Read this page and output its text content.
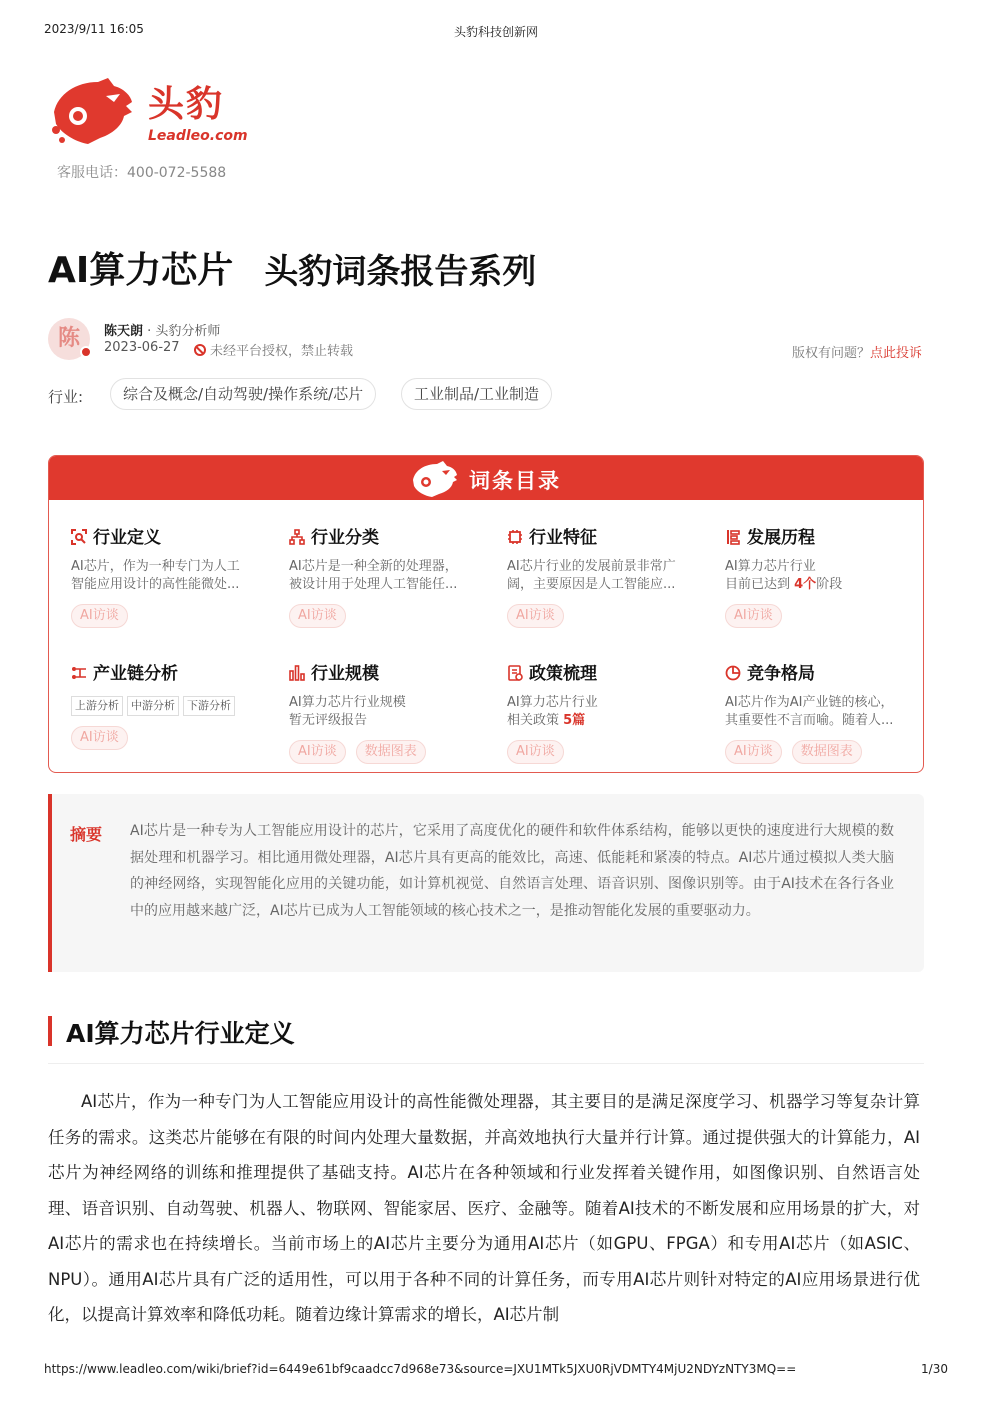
2023/9/11 16:05	头豹科技创新网
头豹
Leadleo.com
客服电话：400-072-5588
AI算力芯片 头豹词条报告系列
陈	陈天朗 · 头豹分析师
2023-06-27	未经平台授权，禁止转载	版权有问题？点此投诉
行业:	综合及概念/自动驾驶/操作系统/芯片	工业制品/工业制造
词条目录
行业定义
AI芯片，作为一种专门为人工
智能应用设计的高性能微处...
AI访谈
行业分类
AI芯片是一种全新的处理器，
被设计用于处理人工智能任...
AI访谈
行业特征
AI芯片行业的发展前景非常广
阔，主要原因是人工智能应...
AI访谈
发展历程
AI算力芯片行业
目前已达到 4个阶段
AI访谈
产业链分析
上游分析 中游分析 下游分析
AI访谈
行业规模
AI算力芯片行业规模
暂无评级报告
AI访谈 数据图表
政策梳理
AI算力芯片行业
相关政策 5篇
AI访谈
竞争格局
AI芯片作为AI产业链的核心，
其重要性不言而喻。随着人...
AI访谈 数据图表
摘要 AI芯片是一种专为人工智能应用设计的芯片，它采用了高度优化的硬件和软件体系结构，能够以更快的速度进行大规模的数据处理和机器学习。相比通用微处理器，AI芯片具有更高的能效比，高速、低能耗和紧凑的特点。AI芯片通过模拟人类大脑的神经网络，实现智能化应用的关键功能，如计算机视觉、自然语言处理、语音识别、图像识别等。由于AI技术在各行各业中的应用越来越广泛，AI芯片已成为人工智能领域的核心技术之一，是推动智能化发展的重要驱动力。
AI算力芯片行业定义
AI芯片，作为一种专门为人工智能应用设计的高性能微处理器，其主要目的是满足深度学习、机器学习等复杂计算任务的需求。这类芯片能够在有限的时间内处理大量数据，并高效地执行大量并行计算。通过提供强大的计算能力，AI芯片为神经网络的训练和推理提供了基础支持。AI芯片在各种领域和行业发挥着关键作用，如图像识别、自然语言处理、语音识别、自动驾驶、机器人、物联网、智能家居、医疗、金融等。随着AI技术的不断发展和应用场景的扩大，对AI芯片的需求也在持续增长。当前市场上的AI芯片主要分为通用AI芯片（如GPU、FPGA）和专用AI芯片（如ASIC、NPU）。通用AI芯片具有广泛的适用性，可以用于各种不同的计算任务，而专用AI芯片则针对特定的AI应用场景进行优化，以提高计算效率和降低功耗。随着边缘计算需求的增长，AI芯片制
https://www.leadleo.com/wiki/brief?id=6449e61bf9caadcc7d968e73&source=JXU1MTk5JXU0RjVDMTY4MjU2NDYzNTY3MQ==	1/30
